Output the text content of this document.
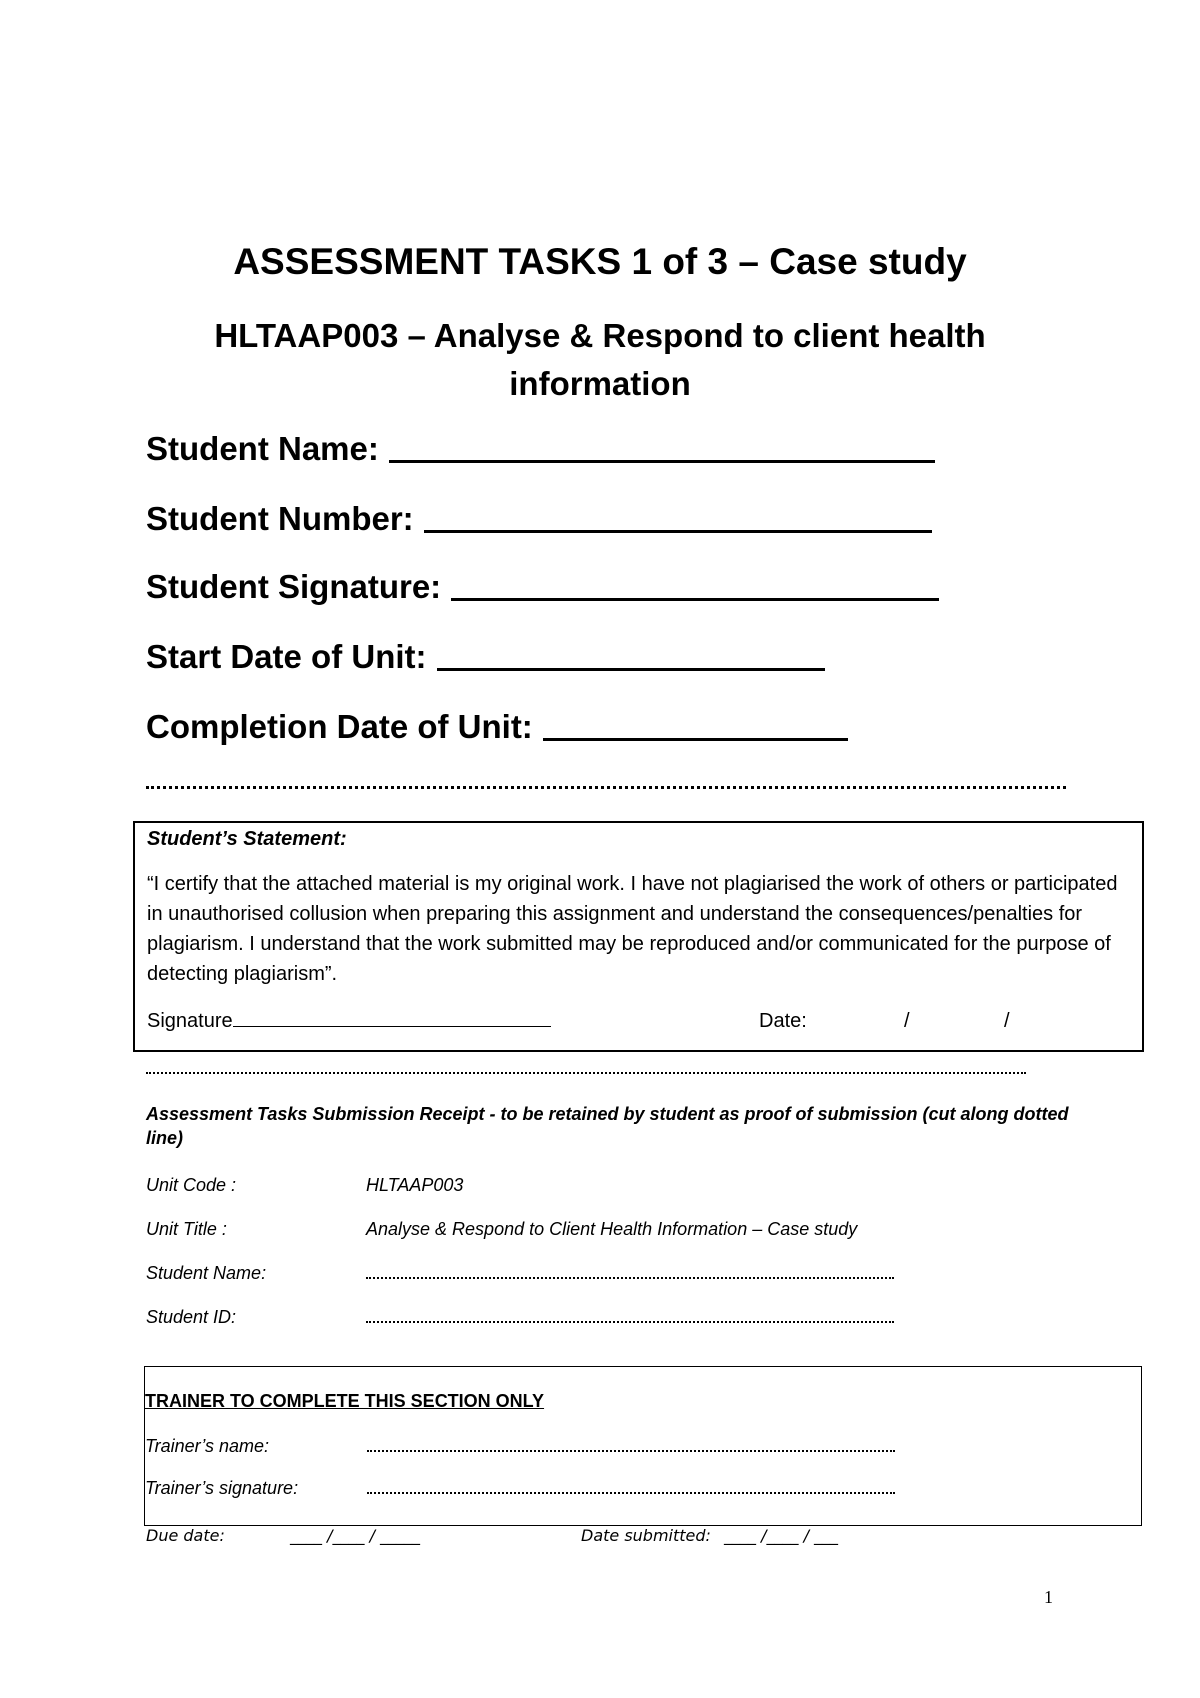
ASSESSMENT TASKS 1 of 3 – Case study
HLTAAP003 – Analyse & Respond to client health information
Student Name:
Student Number:
Student Signature:
Start Date of Unit:
Completion Date of Unit:
Student’s Statement:
“I certify that the attached material is my original work. I have not plagiarised the work of others or participated in unauthorised collusion when preparing this assignment and understand the consequences/penalties for plagiarism. I understand that the work submitted may be reproduced and/or communicated for the purpose of detecting plagiarism”.
Signature	Date:	/	/
Assessment Tasks Submission Receipt - to be retained by student as proof of submission (cut along dotted line)
Unit Code :	HLTAAP003
Unit Title :	Analyse & Respond to Client Health Information – Case study
Student Name:
Student ID:
TRAINER TO COMPLETE THIS SECTION ONLY
Trainer’s name:
Trainer’s signature:
Due date:	____ /____ / _____	Date submitted: ____ /____ / ___
1
